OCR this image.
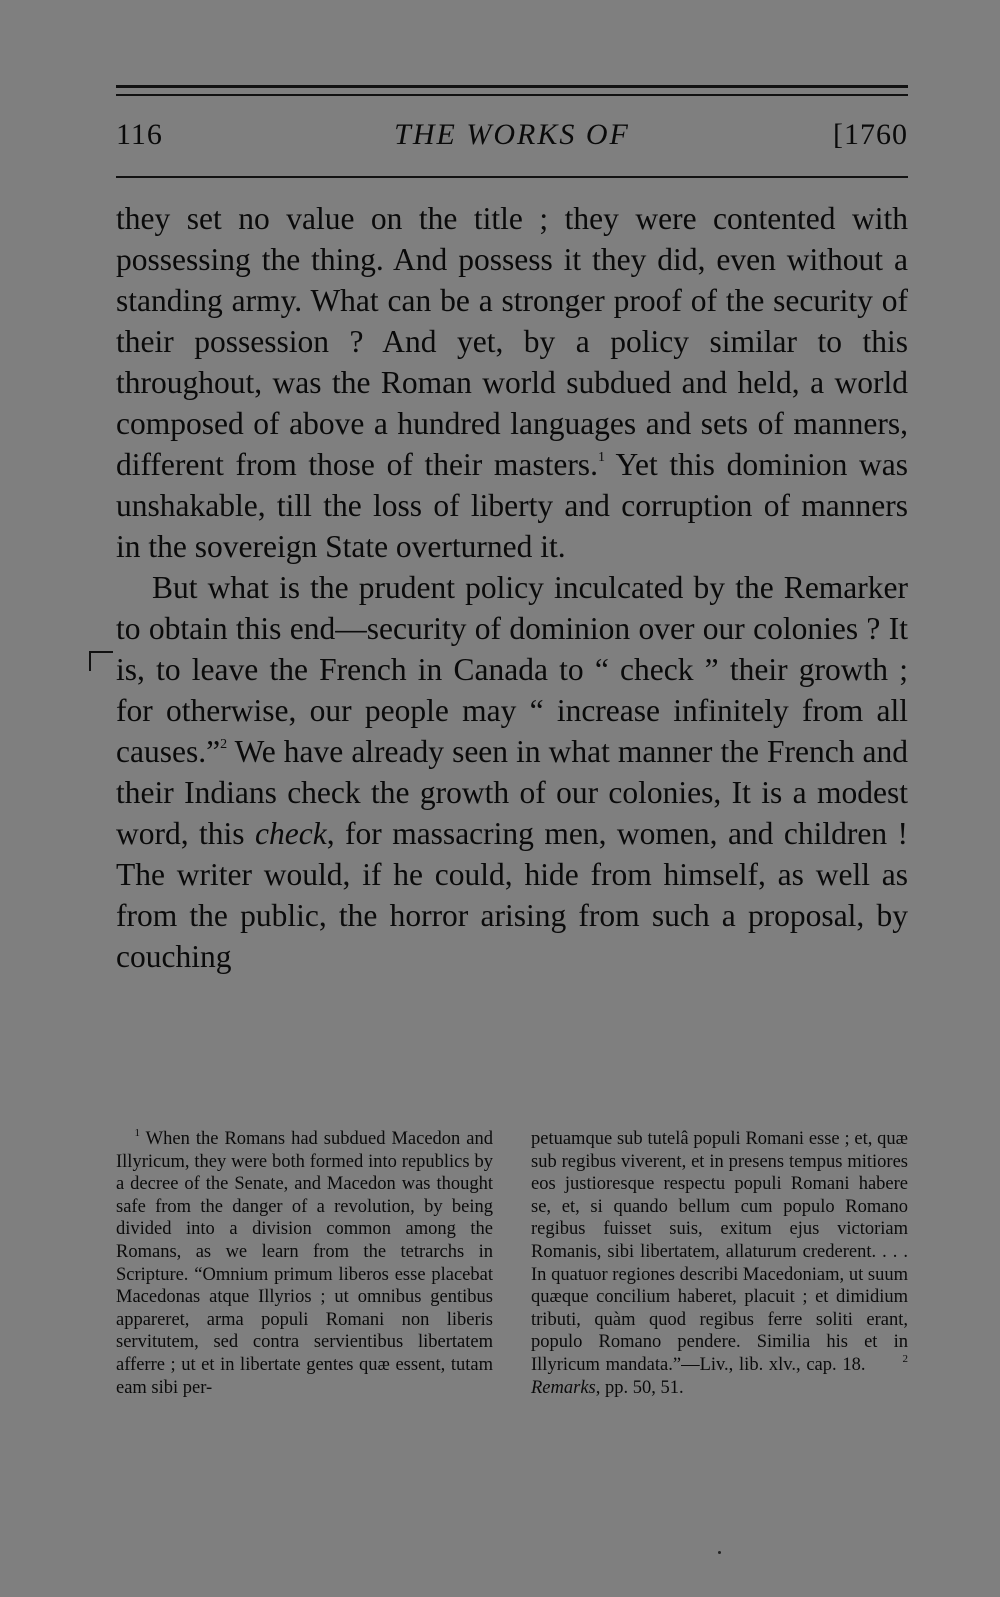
116	THE WORKS OF	[1760

they set no value on the title ; they were contented with possessing the thing. And possess it they did, even without a standing army. What can be a stronger proof of the security of their possession ? And yet, by a policy similar to this throughout, was the Roman world subdued and held, a world composed of above a hundred languages and sets of manners, different from those of their masters.$^1$ Yet this dominion was unshakable, till the loss of liberty and corruption of manners in the sovereign State overturned it.

But what is the prudent policy inculcated by the Remarker to obtain this end—security of dominion over our colonies ? It is, to leave the French in Canada to “ check ” their growth ; for otherwise, our people may “ increase infinitely from all causes.”$^2$ We have already seen in what manner the French and their Indians check the growth of our colonies, It is a modest word, this check, for massacring men, women, and children ! The writer would, if he could, hide from himself, as well as from the public, the horror arising from such a proposal, by couching

 $^1$ When the Romans had subdued Macedon and Illyricum, they were both formed into republics by a decree of the Senate, and Macedon was thought safe from the danger of a revolution, by being divided into a division common among the Romans, as we learn from the tetrarchs in Scripture. “Omnium primum liberos esse placebat Macedonas atque Illyrios ; ut omnibus gentibus appareret, arma populi Romani non liberis servitutem, sed contra servientibus libertatem afferre ; ut et in libertate gentes quæ essent, tutam eam sibi per-
petuamque sub tutelâ populi Romani esse ; et, quæ sub regibus viverent, et in presens tempus mitiores eos justioresque respectu populi Romani habere se, et, si quando bellum cum populo Romano regibus fuisset suis, exitum ejus victoriam Romanis, sibi libertatem, allaturum crederent. . . . In quatuor regiones describi Macedoniam, ut suum quæque concilium haberet, placuit ; et dimidium tributi, quàm quod regibus ferre soliti erant, populo Romano pendere. Similia his et in Illyricum mandata.”—Liv., lib. xlv., cap. 18.  	$^2$ Remarks, pp. 50, 51.
